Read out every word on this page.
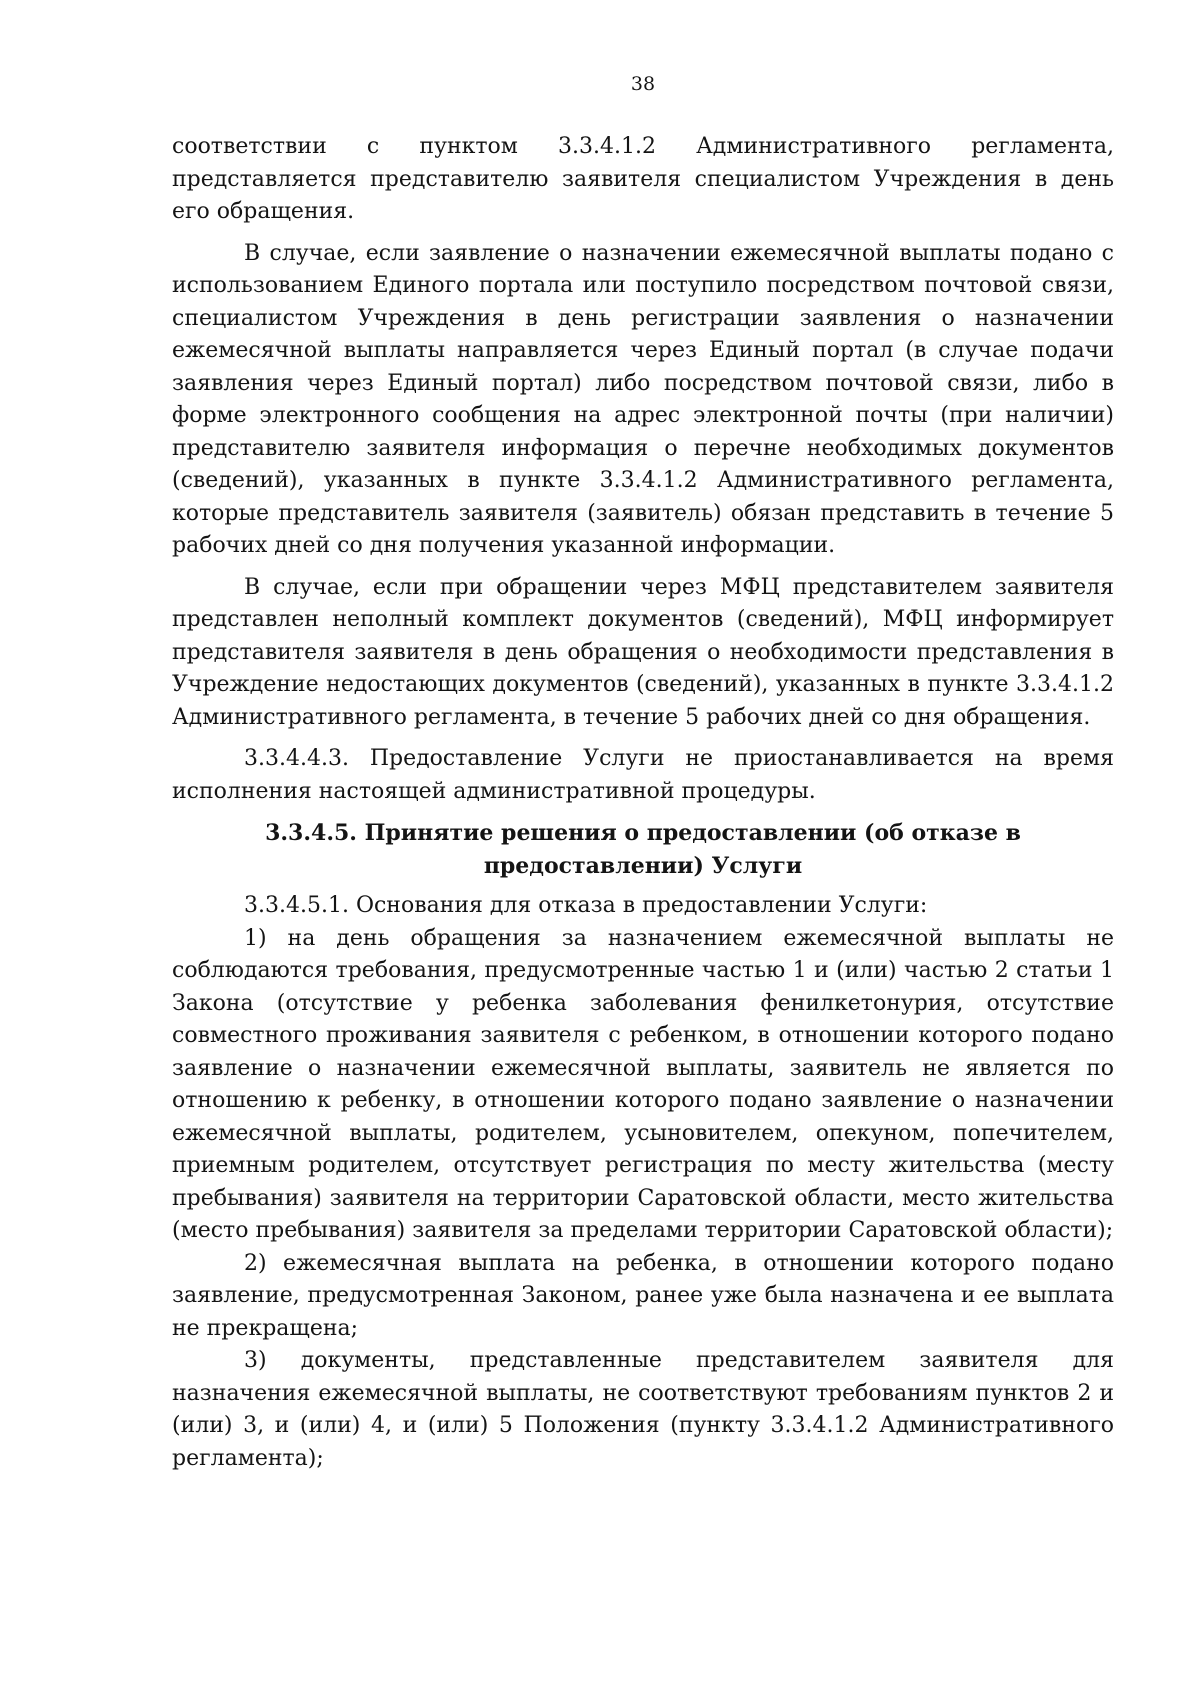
38

соответствии с пунктом 3.3.4.1.2 Административного регламента, представляется представителю заявителя специалистом Учреждения в день его обращения.

В случае, если заявление о назначении ежемесячной выплаты подано с использованием Единого портала или поступило посредством почтовой связи, специалистом Учреждения в день регистрации заявления о назначении ежемесячной выплаты направляется через Единый портал (в случае подачи заявления через Единый портал) либо посредством почтовой связи, либо в форме электронного сообщения на адрес электронной почты (при наличии) представителю заявителя информация о перечне необходимых документов (сведений), указанных в пункте 3.3.4.1.2 Административного регламента, которые представитель заявителя (заявитель) обязан представить в течение 5 рабочих дней со дня получения указанной информации.

В случае, если при обращении через МФЦ представителем заявителя представлен неполный комплект документов (сведений), МФЦ информирует представителя заявителя в день обращения о необходимости представления в Учреждение недостающих документов (сведений), указанных в пункте 3.3.4.1.2 Административного регламента, в течение 5 рабочих дней со дня обращения.

3.3.4.4.3. Предоставление Услуги не приостанавливается на время исполнения настоящей административной процедуры.

3.3.4.5. Принятие решения о предоставлении (об отказе в предоставлении) Услуги

3.3.4.5.1. Основания для отказа в предоставлении Услуги:

1) на день обращения за назначением ежемесячной выплаты не соблюдаются требования, предусмотренные частью 1 и (или) частью 2 статьи 1 Закона (отсутствие у ребенка заболевания фенилкетонурия, отсутствие совместного проживания заявителя с ребенком, в отношении которого подано заявление о назначении ежемесячной выплаты, заявитель не является по отношению к ребенку, в отношении которого подано заявление о назначении ежемесячной выплаты, родителем, усыновителем, опекуном, попечителем, приемным родителем, отсутствует регистрация по месту жительства (месту пребывания) заявителя на территории Саратовской области, место жительства (место пребывания) заявителя за пределами территории Саратовской области);

2) ежемесячная выплата на ребенка, в отношении которого подано заявление, предусмотренная Законом, ранее уже была назначена и ее выплата не прекращена;

3) документы, представленные представителем заявителя для назначения ежемесячной выплаты, не соответствуют требованиям пунктов 2 и (или) 3, и (или) 4, и (или) 5 Положения (пункту 3.3.4.1.2 Административного регламента);
